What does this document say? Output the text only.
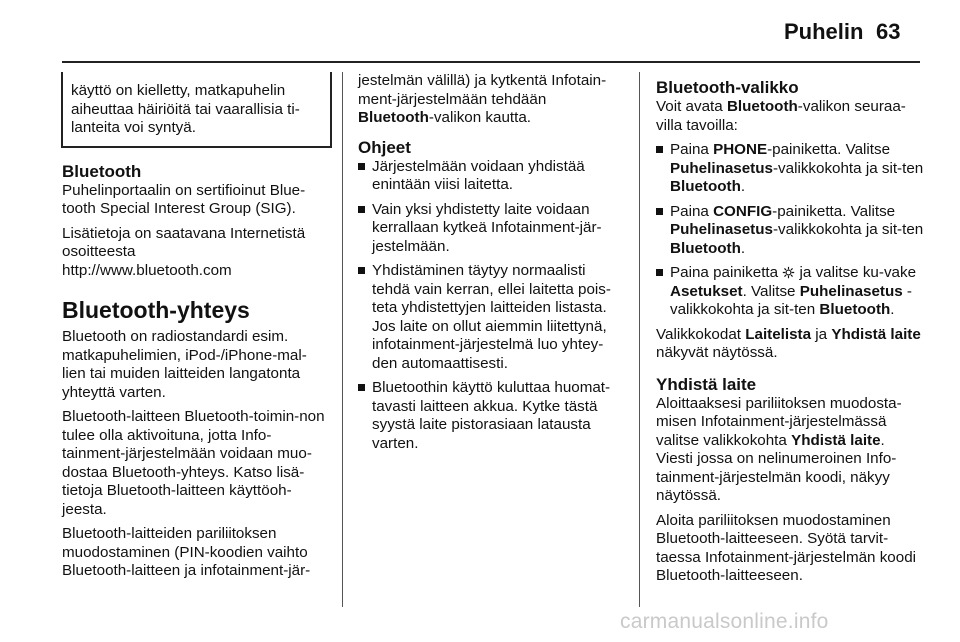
Puhelin 63
käyttö on kielletty, matkapuhelin
aiheuttaa häiriöitä tai vaarallisia ti-
lanteita voi syntyä.
Bluetooth

Puhelinportaalin on sertifioinut Blue-tooth Special Interest Group (SIG).

Lisätietoja on saatavana Internetistä osoitteesta

http://www.bluetooth.com

Bluetooth-yhteys

Bluetooth on radiostandardi esim. matkapuhelimien, iPod-/iPhone-mal-lien tai muiden laitteiden langatonta yhteyttä varten.

Bluetooth-laitteen Bluetooth-toimin-non tulee olla aktivoituna, jotta Info-tainment-järjestelmään voidaan muo-dostaa Bluetooth-yhteys. Katso lisä-tietoja Bluetooth-laitteen käyttöoh-jeesta.

Bluetooth-laitteiden pariliitoksen muodostaminen (PIN-koodien vaihto Bluetooth-laitteen ja infotainment-jär-

jestelmän välillä) ja kytkentä Infotain-ment-järjestelmään tehdään Bluetooth-valikon kautta.

Ohjeet
Järjestelmään voidaan yhdistää enintään viisi laitetta.
Vain yksi yhdistetty laite voidaan kerrallaan kytkeä Infotainment-jär-jestelmään.
Yhdistäminen täytyy normaalisti tehdä vain kerran, ellei laitetta pois-teta yhdistettyjen laitteiden listasta. Jos laite on ollut aiemmin liitettynä, infotainment-järjestelmä luo yhtey-den automaattisesti.
Bluetoothin käyttö kuluttaa huomat-tavasti laitteen akkua. Kytke tästä syystä laite pistorasiaan latausta varten.
Bluetooth-valikko

Voit avata Bluetooth-valikon seuraa-villa tavoilla:

Paina PHONE-painiketta. Valitse Puhelinasetus-valikkokohta ja sit-ten Bluetooth.
Paina CONFIG-painiketta. Valitse Puhelinasetus-valikkokohta ja sit-ten Bluetooth.
Paina painiketta  ja valitse ku-vake Asetukset. Valitse Puhelinasetus -valikkokohta ja sit-ten Bluetooth.

Valikkokodat Laitelista ja Yhdistä laite näkyvät näytössä.

Yhdistä laite

Aloittaaksesi pariliitoksen muodosta-misen Infotainment-järjestelmässä valitse valikkokohta Yhdistä laite. Viesti jossa on nelinumeroinen Info-tainment-järjestelmän koodi, näkyy näytössä.

Aloita pariliitoksen muodostaminen Bluetooth-laitteeseen. Syötä tarvit-taessa Infotainment-järjestelmän koodi Bluetooth-laitteeseen.

carmanualsonline.info
